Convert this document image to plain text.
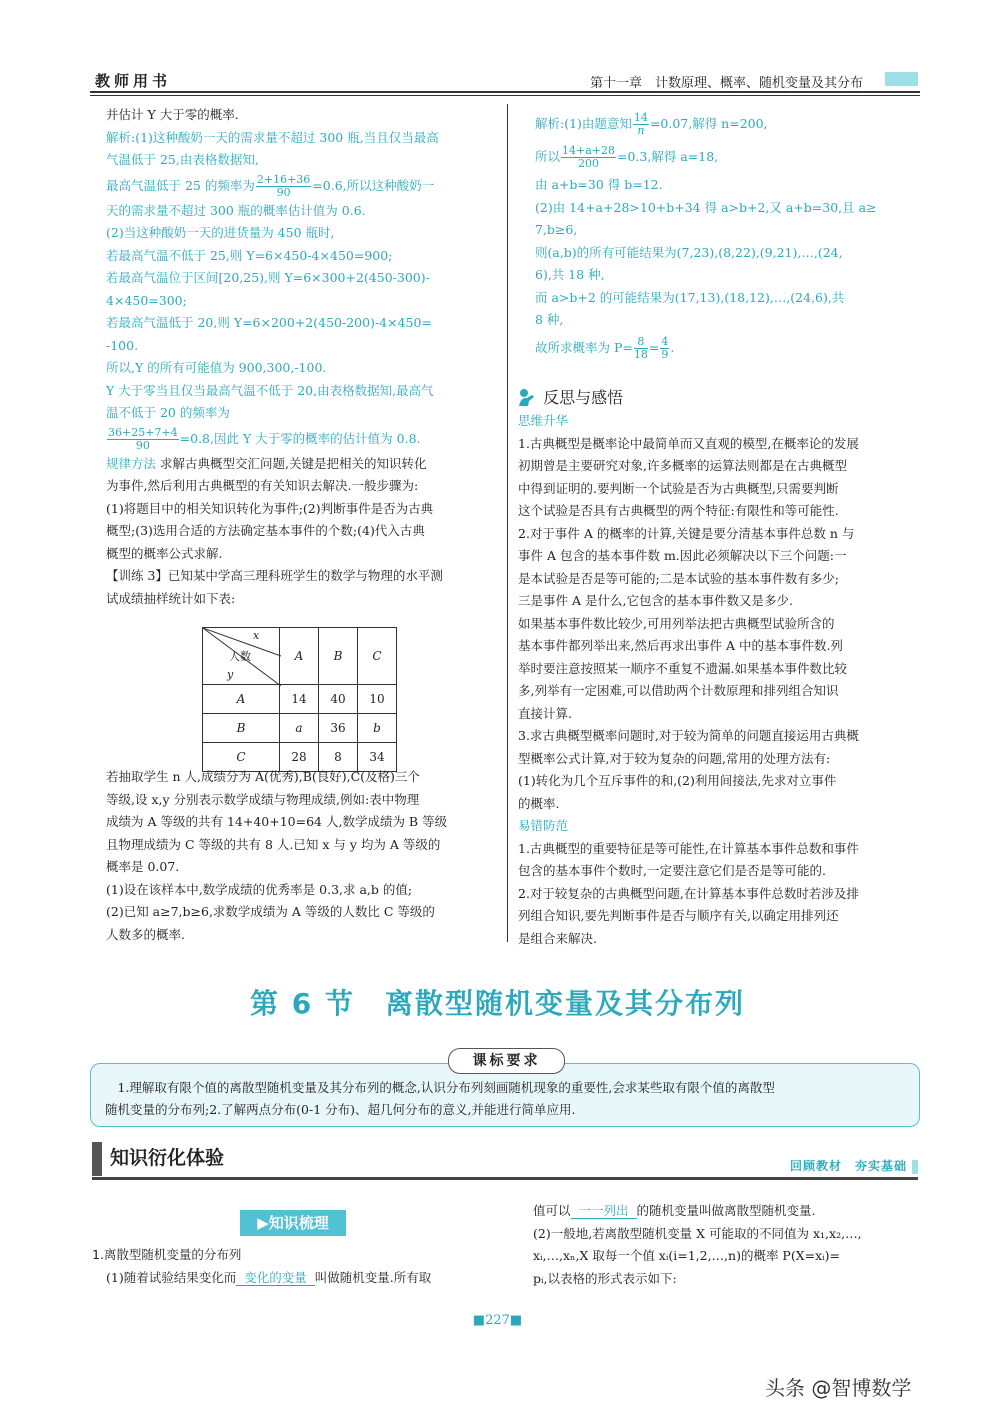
教师用书	第十一章　计数原理、概率、随机变量及其分布

并估计 Y 大于零的概率.

解析:(1)这种酸奶一天的需求量不超过 300 瓶,当且仅当最高

气温低于 25,由表格数据知,

最高气温低于 25 的频率为 $\frac{2+16+36}{90} =0.6$,所以这种酸奶一

天的需求量不超过 300 瓶的概率估计值为 0.6.

(2)当这种酸奶一天的进货量为 450 瓶时,

若最高气温不低于 25,则 Y=6×450-4×450=900;

若最高气温位于区间[20,25),则 Y=6×300+2(450-300)-

4×450=300;

若最高气温低于 20,则 Y=6×200+2(450-200)-4×450=

-100.

所以,Y 的所有可能值为 900,300,-100.

Y 大于零当且仅当最高气温不低于 20,由表格数据知,最高气

温不低于 20 的频率为

$\frac{36+25+7+4}{90} =0.8$,因此 Y 大于零的概率的估计值为 0.8.

规律方法 求解古典概型交汇问题,关键是把相关的知识转化

为事件,然后利用古典概型的有关知识去解决.一般步骤为:

(1)将题目中的相关知识转化为事件;(2)判断事件是否为古典

概型;(3)选用合适的方法确定基本事件的个数;(4)代入古典

概型的概率公式求解.

【训练 3】已知某中学高三理科班学生的数学与物理的水平测

试成绩抽样统计如下表:

x
人数
y	A	B	C
A	14	40	10
B	a	36	b
C	28	8	34

若抽取学生 n 人,成绩分为 A(优秀),B(良好),C(及格)三个

等级,设 x,y 分别表示数学成绩与物理成绩,例如:表中物理

成绩为 A 等级的共有 14+40+10=64 人,数学成绩为 B 等级

且物理成绩为 C 等级的共有 8 人.已知 x 与 y 均为 A 等级的

概率是 0.07.

(1)设在该样本中,数学成绩的优秀率是 0.3,求 a,b 的值;

(2)已知 a≥7,b≥6,求数学成绩为 A 等级的人数比 C 等级的

人数多的概率.

解析:(1)由题意知 $\frac{14}{n} =0.07$,解得 n=200,

所以 $\frac{14+a+28}{200} =0.3$,解得 a=18,

由 a+b=30 得 b=12.

(2)由 14+a+28>10+b+34 得 a>b+2,又 a+b=30,且 a≥

7,b≥6,

则(a,b)的所有可能结果为(7,23),(8,22),(9,21),…,(24,

6),共 18 种,

而 a>b+2 的可能结果为(17,13),(18,12),…,(24,6),共

8 种,

故所求概率为 $P= \frac{8}{18} = \frac{4}{9}$ .

反思与感悟

思维升华

1.古典概型是概率论中最简单而又直观的模型,在概率论的发展

初期曾是主要研究对象,许多概率的运算法则都是在古典概型

中得到证明的.要判断一个试验是否为古典概型,只需要判断

这个试验是否具有古典概型的两个特征:有限性和等可能性.

2.对于事件 A 的概率的计算,关键是要分清基本事件总数 n 与

事件 A 包含的基本事件数 m.因此必须解决以下三个问题:一

是本试验是否是等可能的;二是本试验的基本事件数有多少;

三是事件 A 是什么,它包含的基本事件数又是多少.

如果基本事件数比较少,可用列举法把古典概型试验所含的

基本事件都列举出来,然后再求出事件 A 中的基本事件数.列

举时要注意按照某一顺序不重复不遗漏.如果基本事件数比较

多,列举有一定困难,可以借助两个计数原理和排列组合知识

直接计算.

3.求古典概型概率问题时,对于较为简单的问题直接运用古典概

型概率公式计算,对于较为复杂的问题,常用的处理方法有:

(1)转化为几个互斥事件的和,(2)利用间接法,先求对立事件

的概率.

易错防范

1.古典概型的重要特征是等可能性,在计算基本事件总数和事件

包含的基本事件个数时,一定要注意它们是否是等可能的.

2.对于较复杂的古典概型问题,在计算基本事件总数时若涉及排

列组合知识,要先判断事件是否与顺序有关,以确定用排列还

是组合来解决.

第 6 节　离散型随机变量及其分布列
课标要求
　1.理解取有限个值的离散型随机变量及其分布列的概念,认识分布列刻画随机现象的重要性,会求某些取有限个值的离散型
随机变量的分布列;2.了解两点分布(0-1 分布)、超几何分布的意义,并能进行简单应用.
知识衍化体验	回顾教材　夯实基础
▶知识梳理

1.离散型随机变量的分布列

(1)随着试验结果变化而 变化的变量 叫做随机变量.所有取

值可以 一一列出 的随机变量叫做离散型随机变量.

(2)一般地,若离散型随机变量 X 可能取的不同值为 x₁,x₂,…,

xᵢ,…,xₙ,X 取每一个值 xᵢ(i=1,2,…,n)的概率 P(X=xᵢ)=

pᵢ,以表格的形式表示如下:

■227■
头条 @智博数学
